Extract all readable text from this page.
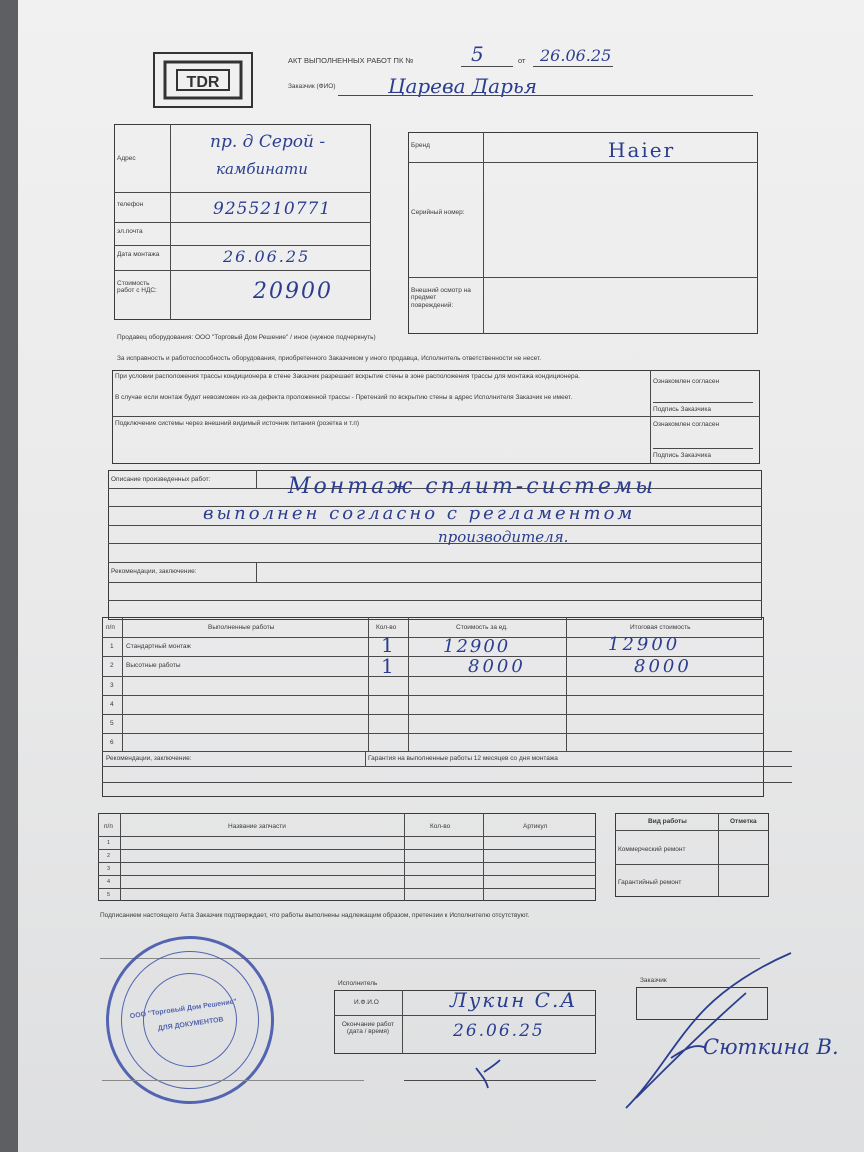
TDR
АКТ ВЫПОЛНЕННЫХ РАБОТ ПК №	5	от 26.06.25
Заказчик (ФИО)	Царева Дарья
Адрес
пр. д Серой -
камбинати
телефон	9255210771
эл.почта
Дата монтажа	26.06.25
Стоимость работ с НДС:	20900
Бренд	Haier
Серийный номер:
Внешний осмотр на предмет повреждений:
Продавец оборудования: ООО "Торговый Дом Решение" / иное (нужное подчеркнуть)
За исправность и работоспособность оборудования, приобретенного Заказчиком у иного продавца, Исполнитель ответственности не несет.
При условии расположения трассы кондиционера в стене Заказчик разрешает вскрытие стены в зоне расположения трассы для монтажа кондиционера.
В случае если монтаж будет невозможен из-за дефекта проложенной трассы - Претензий по вскрытию стены в адрес Исполнителя Заказчик не имеет.
Подключение системы через внешний видимый источник питания (розетка и т.п)
Ознакомлен согласен
Подпись Заказчика
Ознакомлен согласен
Подпись Заказчика
Описание произведенных работ:	Монтаж сплит-системы
выполнен согласно с регламентом
производителя.
Рекомендации, заключение:
п/п	Выполненные работы	Кол-во	Стоимость за ед.	Итоговая стоимость
1 Стандартный монтаж	1	12900	12900
2 Высотные работы	1	8000	8000
3
4
5
6
Рекомендации, заключение:	Гарантия на выполненные работы 12 месяцев со дня монтажа
п/п	Название запчасти	Кол-во	Артикул
1
2
3
4
5
Вид работы	Отметка
Коммерческий ремонт
Гарантийный ремонт
Подписанием настоящего Акта Заказчик подтверждает, что работы выполнены надлежащим образом, претензии к Исполнителю отсутствуют.
Исполнитель
И.Ф.И.О	Лукин С.А
Окончание работ (дата / время)	26.06.25
Заказчик
Сюткина В.
ООО "Торговый Дом Решение"
ДЛЯ ДОКУМЕНТОВ
